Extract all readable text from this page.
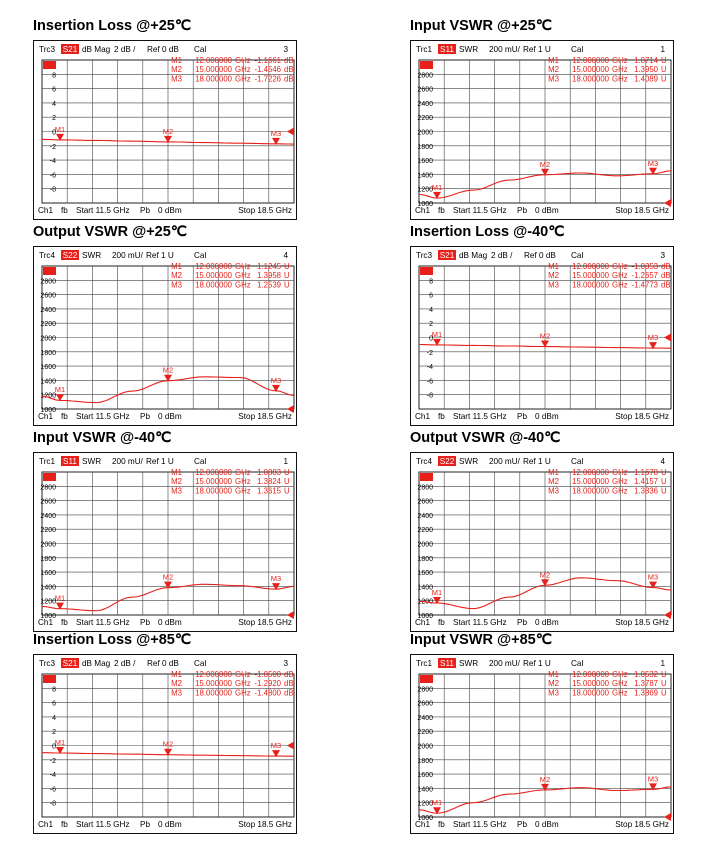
Insertion Loss @+25℃
Trc3 S21 dB Mag 2 dB / Ref 0 dB Cal	3
8
6
4
2
0
-2
-4
-6
-8
M1	M2	M3
M1 12.000000 GHz -1.1661 dB
M2 15.000000 GHz -1.4546 dB
M3 18.000000 GHz -1.7226 dB
Ch1 fb Start 11.5 GHz Pb 0 dBm	Stop 18.5 GHz
Input VSWR @+25℃
Trc1 S11 SWR 200 mU/ Ref 1 U Cal	1
2800
2600
2400
2200
2000
1800
1600
1400
1200
1000
M1
M2	M3
M1 12.000000 GHz 1.0714 U
M2 15.000000 GHz 1.3950 U
M3 18.000000 GHz 1.4089 U
Ch1 fb Start 11.5 GHz Pb 0 dBm	Stop 18.5 GHz
Output VSWR @+25℃
Trc4 S22 SWR 200 mU/ Ref 1 U Cal	4
2800
2600
2400
2200
2000
1800
1600
1400
1200
1000
M1
M2
M3
M1 12.000000 GHz 1.1245 U
M2 15.000000 GHz 1.3958 U
M3 18.000000 GHz 1.2539 U
Ch1 fb Start 11.5 GHz Pb 0 dBm	Stop 18.5 GHz
Insertion Loss @-40℃
Trc3 S21 dB Mag 2 dB / Ref 0 dB Cal	3
8
6
4
2
0
-2
-4
-6
-8
M1	M2	M3
M1 12.000000 GHz -1.0353 dB
M2 15.000000 GHz -1.2657 dB
M3 18.000000 GHz -1.4773 dB
Ch1 fb Start 11.5 GHz Pb 0 dBm	Stop 18.5 GHz
Input VSWR @-40℃
Trc1 S11 SWR 200 mU/ Ref 1 U Cal	1
2800
2600
2400
2200
2000
1800
1600
1400
1200
1000
M1
M2	M3
M1 12.000000 GHz 1.0883 U
M2 15.000000 GHz 1.3824 U
M3 18.000000 GHz 1.3615 U
Ch1 fb Start 11.5 GHz Pb 0 dBm	Stop 18.5 GHz
Output VSWR @-40℃
Trc4 S22 SWR 200 mU/ Ref 1 U Cal	4
2800
2600
2400
2200
2000
1800
1600
1400
1200
1000
M1
M2	M3
M1 12.000000 GHz 1.1678 U
M2 15.000000 GHz 1.4157 U
M3 18.000000 GHz 1.3836 U
Ch1 fb Start 11.5 GHz Pb 0 dBm	Stop 18.5 GHz
Insertion Loss @+85℃
Trc3 S21 dB Mag 2 dB / Ref 0 dB Cal	3
8
6
4
2
0
-2
-4
-6
-8
M1	M2	M3
M1 12.000000 GHz -1.0500 dB
M2 15.000000 GHz -1.2920 dB
M3 18.000000 GHz -1.4800 dB
Ch1 fb Start 11.5 GHz Pb 0 dBm	Stop 18.5 GHz
Input VSWR @+85℃
Trc1 S11 SWR 200 mU/ Ref 1 U Cal	1
2800
2600
2400
2200
2000
1800
1600
1400
1200
1000
M1
M2	M3
M1 12.000000 GHz 1.0532 U
M2 15.000000 GHz 1.3787 U
M3 18.000000 GHz 1.3869 U
Ch1 fb Start 11.5 GHz Pb 0 dBm	Stop 18.5 GHz
